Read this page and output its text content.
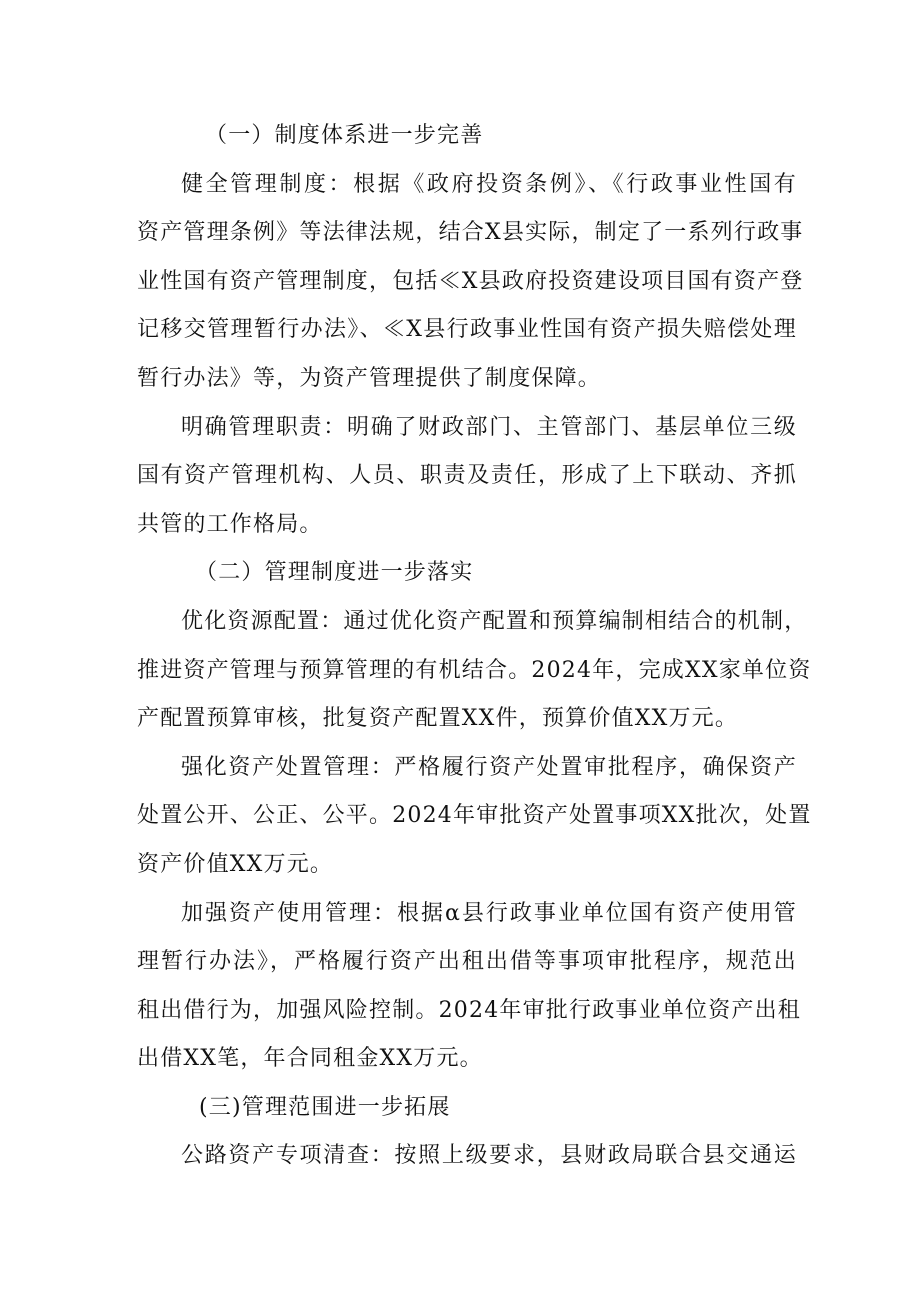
（一）制度体系进一步完善
健全管理制度：根据《政府投资条例》、《行政事业性国有
资产管理条例》等法律法规，结合X县实际，制定了一系列行政事
业性国有资产管理制度，包括≪X县政府投资建设项目国有资产登
记移交管理暂行办法》、≪X县行政事业性国有资产损失赔偿处理
暂行办法》等，为资产管理提供了制度保障。
明确管理职责：明确了财政部门、主管部门、基层单位三级
国有资产管理机构、人员、职责及责任，形成了上下联动、齐抓
共管的工作格局。
（二）管理制度进一步落实
优化资源配置：通过优化资产配置和预算编制相结合的机制，
推进资产管理与预算管理的有机结合。2024年，完成XX家单位资
产配置预算审核，批复资产配置XX件，预算价值XX万元。
强化资产处置管理：严格履行资产处置审批程序，确保资产
处置公开、公正、公平。2024年审批资产处置事项XX批次，处置
资产价值XX万元。
加强资产使用管理：根据α县行政事业单位国有资产使用管
理暂行办法》，严格履行资产出租出借等事项审批程序，规范出
租出借行为，加强风险控制。2024年审批行政事业单位资产出租
出借XX笔，年合同租金XX万元。
(三)管理范围进一步拓展
公路资产专项清查：按照上级要求，县财政局联合县交通运
